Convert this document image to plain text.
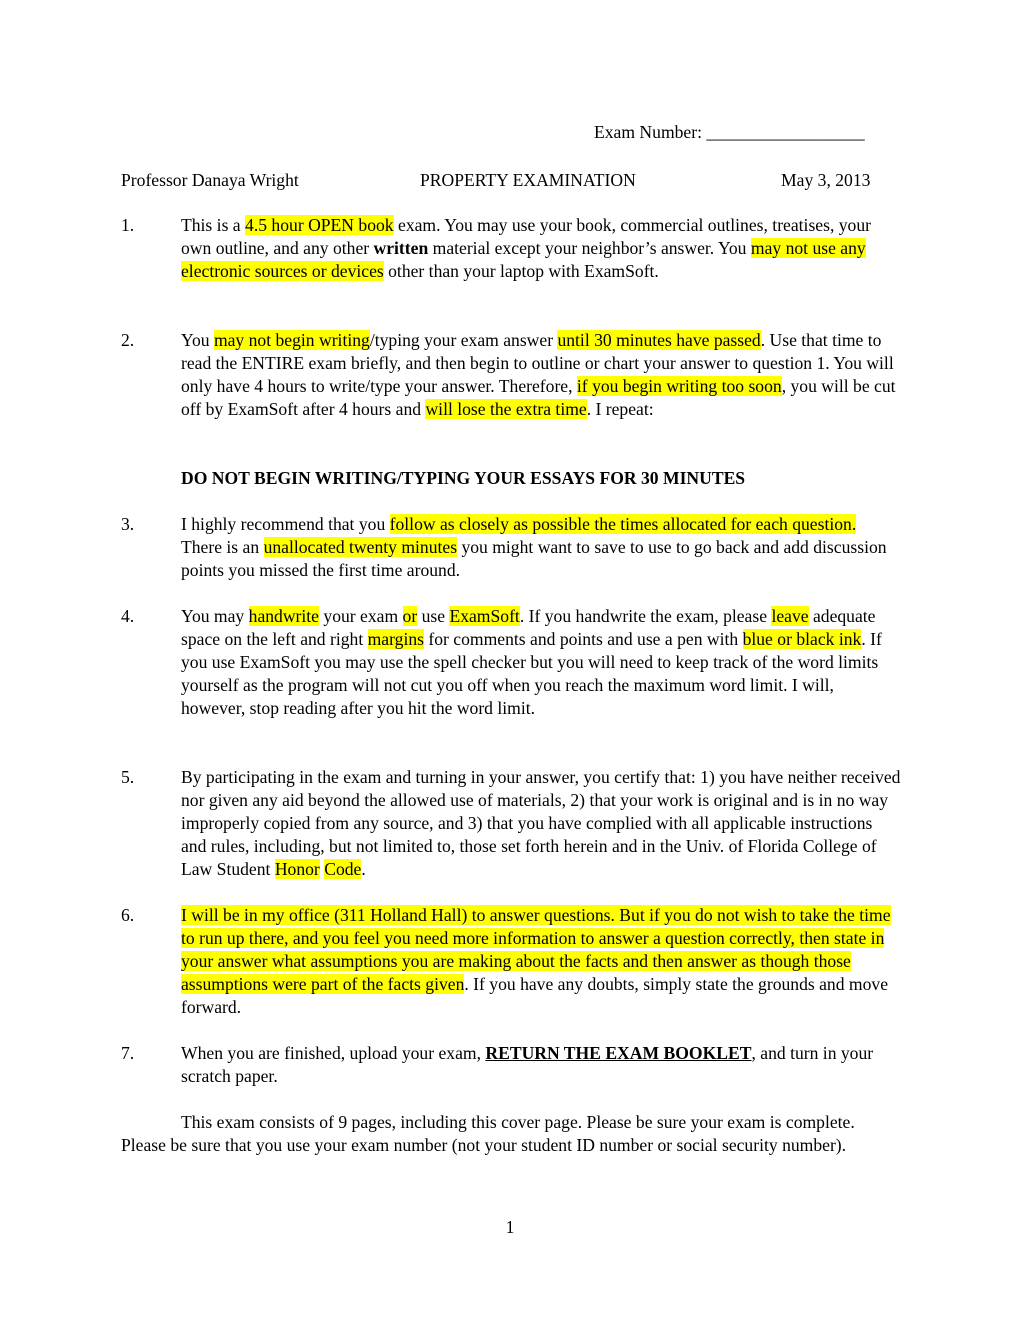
Exam Number: __________________
Professor Danaya Wright	PROPERTY EXAMINATION	May 3, 2013
1.	This is a 4.5 hour OPEN book exam. You may use your book, commercial outlines, treatises, your own outline, and any other written material except your neighbor’s answer. You may not use any electronic sources or devices other than your laptop with ExamSoft.
2.	You may not begin writing/typing your exam answer until 30 minutes have passed. Use that time to read the ENTIRE exam briefly, and then begin to outline or chart your answer to question 1. You will only have 4 hours to write/type your answer. Therefore, if you begin writing too soon, you will be cut off by ExamSoft after 4 hours and will lose the extra time. I repeat:
DO NOT BEGIN WRITING/TYPING YOUR ESSAYS FOR 30 MINUTES
3.	I highly recommend that you follow as closely as possible the times allocated for each question. There is an unallocated twenty minutes you might want to save to use to go back and add discussion points you missed the first time around.
4.	You may handwrite your exam or use ExamSoft. If you handwrite the exam, please leave adequate space on the left and right margins for comments and points and use a pen with blue or black ink. If you use ExamSoft you may use the spell checker but you will need to keep track of the word limits yourself as the program will not cut you off when you reach the maximum word limit. I will, however, stop reading after you hit the word limit.
5.	By participating in the exam and turning in your answer, you certify that: 1) you have neither received nor given any aid beyond the allowed use of materials, 2) that your work is original and is in no way improperly copied from any source, and 3) that you have complied with all applicable instructions and rules, including, but not limited to, those set forth herein and in the Univ. of Florida College of Law Student Honor Code.
6.	I will be in my office (311 Holland Hall) to answer questions. But if you do not wish to take the time to run up there, and you feel you need more information to answer a question correctly, then state in your answer what assumptions you are making about the facts and then answer as though those assumptions were part of the facts given. If you have any doubts, simply state the grounds and move forward.
7.	When you are finished, upload your exam, RETURN THE EXAM BOOKLET, and turn in your scratch paper.
This exam consists of 9 pages, including this cover page. Please be sure your exam is complete. Please be sure that you use your exam number (not your student ID number or social security number).
1
